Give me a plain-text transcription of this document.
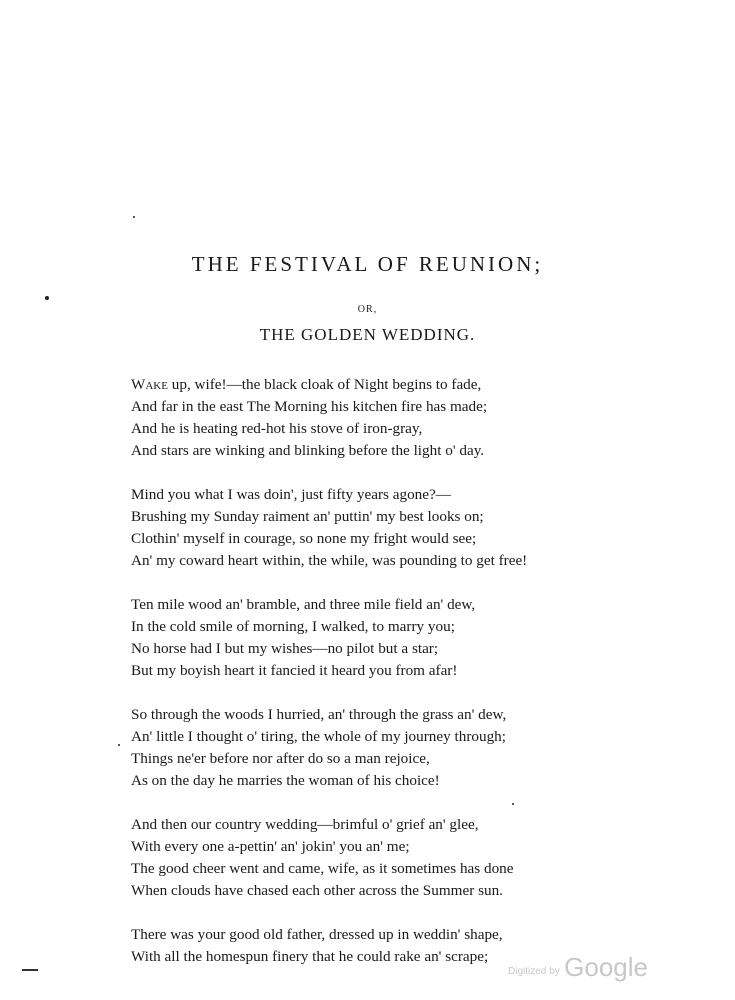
THE FESTIVAL OF REUNION;
OR,
THE GOLDEN WEDDING.
Wake up, wife!—the black cloak of Night begins to fade,
And far in the east The Morning his kitchen fire has made;
And he is heating red-hot his stove of iron-gray,
And stars are winking and blinking before the light o' day.
Mind you what I was doin', just fifty years agone?—
Brushing my Sunday raiment an' puttin' my best looks on;
Clothin' myself in courage, so none my fright would see;
An' my coward heart within, the while, was pounding to get free!
Ten mile wood an' bramble, and three mile field an' dew,
In the cold smile of morning, I walked, to marry you;
No horse had I but my wishes—no pilot but a star;
But my boyish heart it fancied it heard you from afar!
So through the woods I hurried, an' through the grass an' dew,
An' little I thought o' tiring, the whole of my journey through;
Things ne'er before nor after do so a man rejoice,
As on the day he marries the woman of his choice!
And then our country wedding—brimful o' grief an' glee,
With every one a-pettin' an' jokin' you an' me;
The good cheer went and came, wife, as it sometimes has done
When clouds have chased each other across the Summer sun.
There was your good old father, dressed up in weddin' shape,
With all the homespun finery that he could rake an' scrape;
Digitized by Google
